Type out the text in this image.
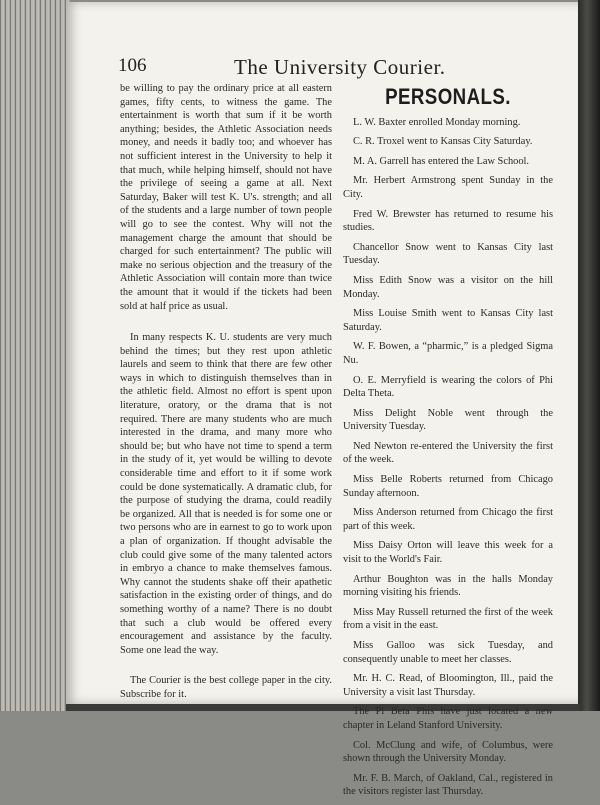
106	The University Courier.

be willing to pay the ordinary price at all eastern games, fifty cents, to witness the game. The entertainment is worth that sum if it be worth anything; besides, the Athletic Association needs money, and needs it badly too; and whoever has not sufficient interest in the University to help it that much, while helping himself, should not have the privilege of seeing a game at all. Next Saturday, Baker will test K. U's. strength; and all of the students and a large number of town people will go to see the contest. Why will not the management charge the amount that should be charged for such entertainment? The public will make no serious objection and the treasury of the Athletic Association will contain more than twice the amount that it would if the tickets had been sold at half price as usual.

In many respects K. U. students are very much behind the times; but they rest upon athletic laurels and seem to think that there are few other ways in which to distinguish themselves than in the athletic field. Almost no effort is spent upon literature, oratory, or the drama that is not required. There are many students who are much interested in the drama, and many more who should be; but who have not time to spend a term in the study of it, yet would be willing to devote considerable time and effort to it if some work could be done systematically. A dramatic club, for the purpose of studying the drama, could readily be organized. All that is needed is for some one or two persons who are in earnest to go to work upon a plan of organization. If thought advisable the club could give some of the many talented actors in embryo a chance to make themselves famous. Why cannot the students shake off their apathetic satisfaction in the existing order of things, and do something worthy of a name? There is no doubt that such a club would be offered every encouragement and assistance by the faculty. Some one lead the way.

The Courier is the best college paper in the city. Subscribe for it.

PERSONALS.

L. W. Baxter enrolled Monday morning.

C. R. Troxel went to Kansas City Saturday.

M. A. Garrell has entered the Law School.

Mr. Herbert Armstrong spent Sunday in the City.

Fred W. Brewster has returned to resume his studies.

Chancellor Snow went to Kansas City last Tuesday.

Miss Edith Snow was a visitor on the hill Monday.

Miss Louise Smith went to Kansas City last Saturday.

W. F. Bowen, a “pharmic,” is a pledged Sigma Nu.

O. E. Merryfield is wearing the colors of Phi Delta Theta.

Miss Delight Noble went through the University Tuesday.

Ned Newton re-entered the University the first of the week.

Miss Belle Roberts returned from Chicago Sunday afternoon.

Miss Anderson returned from Chicago the first part of this week.

Miss Daisy Orton will leave this week for a visit to the World's Fair.

Arthur Boughton was in the halls Monday morning visiting his friends.

Miss May Russell returned the first of the week from a visit in the east.

Miss Galloo was sick Tuesday, and consequently unable to meet her classes.

Mr. H. C. Read, of Bloomington, Ill., paid the University a visit last Thursday.

The Pi Beta Phis have just located a new chapter in Leland Stanford University.

Col. McClung and wife, of Columbus, were shown through the University Monday.

Mr. F. B. March, of Oakland, Cal., registered in the visitors register last Thursday.
